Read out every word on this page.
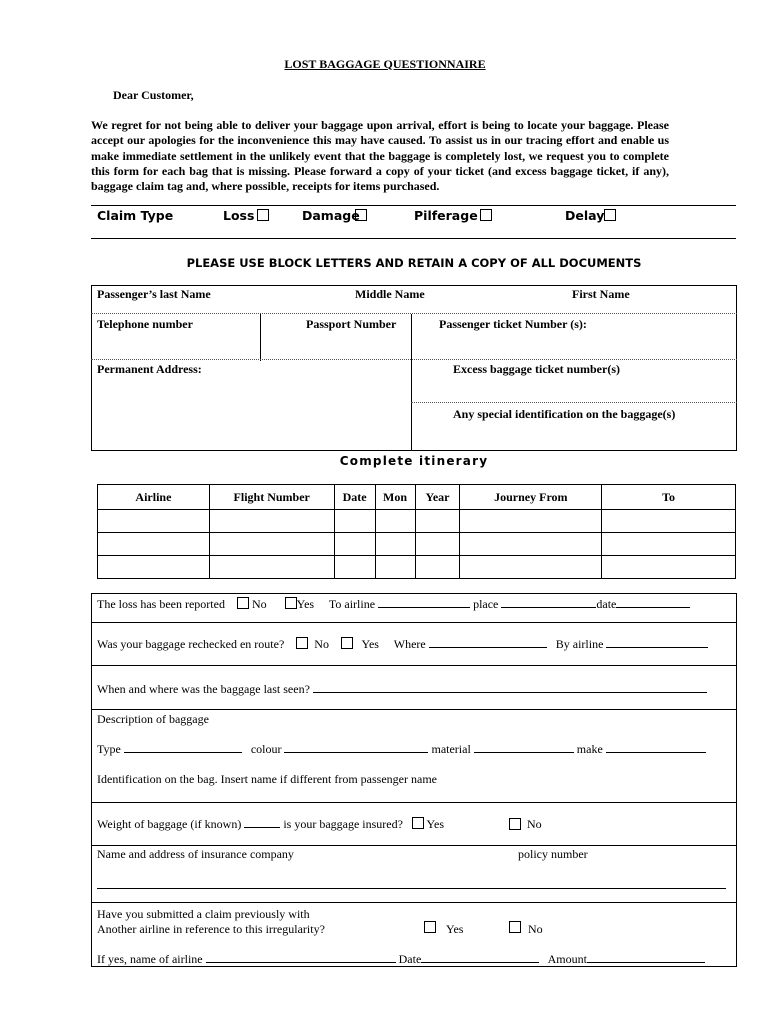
LOST BAGGAGE QUESTIONNAIRE
Dear Customer,
We regret for not being able to deliver your baggage upon arrival, effort is being to locate your baggage. Please accept our apologies for the inconvenience this may have caused. To assist us in our tracing effort and enable us make immediate settlement in the unlikely event that the baggage is completely lost, we request you to complete this form for each bag that is missing. Please forward a copy of your ticket (and excess baggage ticket, if any), baggage claim tag and, where possible, receipts for items purchased.
Claim Type	Loss	Damage	Pilferage	Delay
PLEASE USE BLOCK LETTERS AND RETAIN A COPY OF ALL DOCUMENTS
Passenger’s last Name	Middle Name	First Name
Telephone number	Passport Number	Passenger ticket Number (s):
Permanent Address:	Excess baggage ticket number(s)
Any special identification on the baggage(s)
Complete itinerary
Airline	Flight Number	Date	Mon	Year	Journey From	To

The loss has been reported No	Yes To airline	place	date
Was your baggage rechecked en route?	No	Yes Where	By airline
When and where was the baggage last seen?
Description of baggage
Type	colour	material	make
Identification on the bag. Insert name if different from passenger name
Weight of baggage (if known)	is your baggage insured? Yes	No
Name and address of insurance company	policy number
Have you submitted a claim previously with
Another airline in reference to this irregularity?	Yes	No
If yes, name of airline	Date	Amount
